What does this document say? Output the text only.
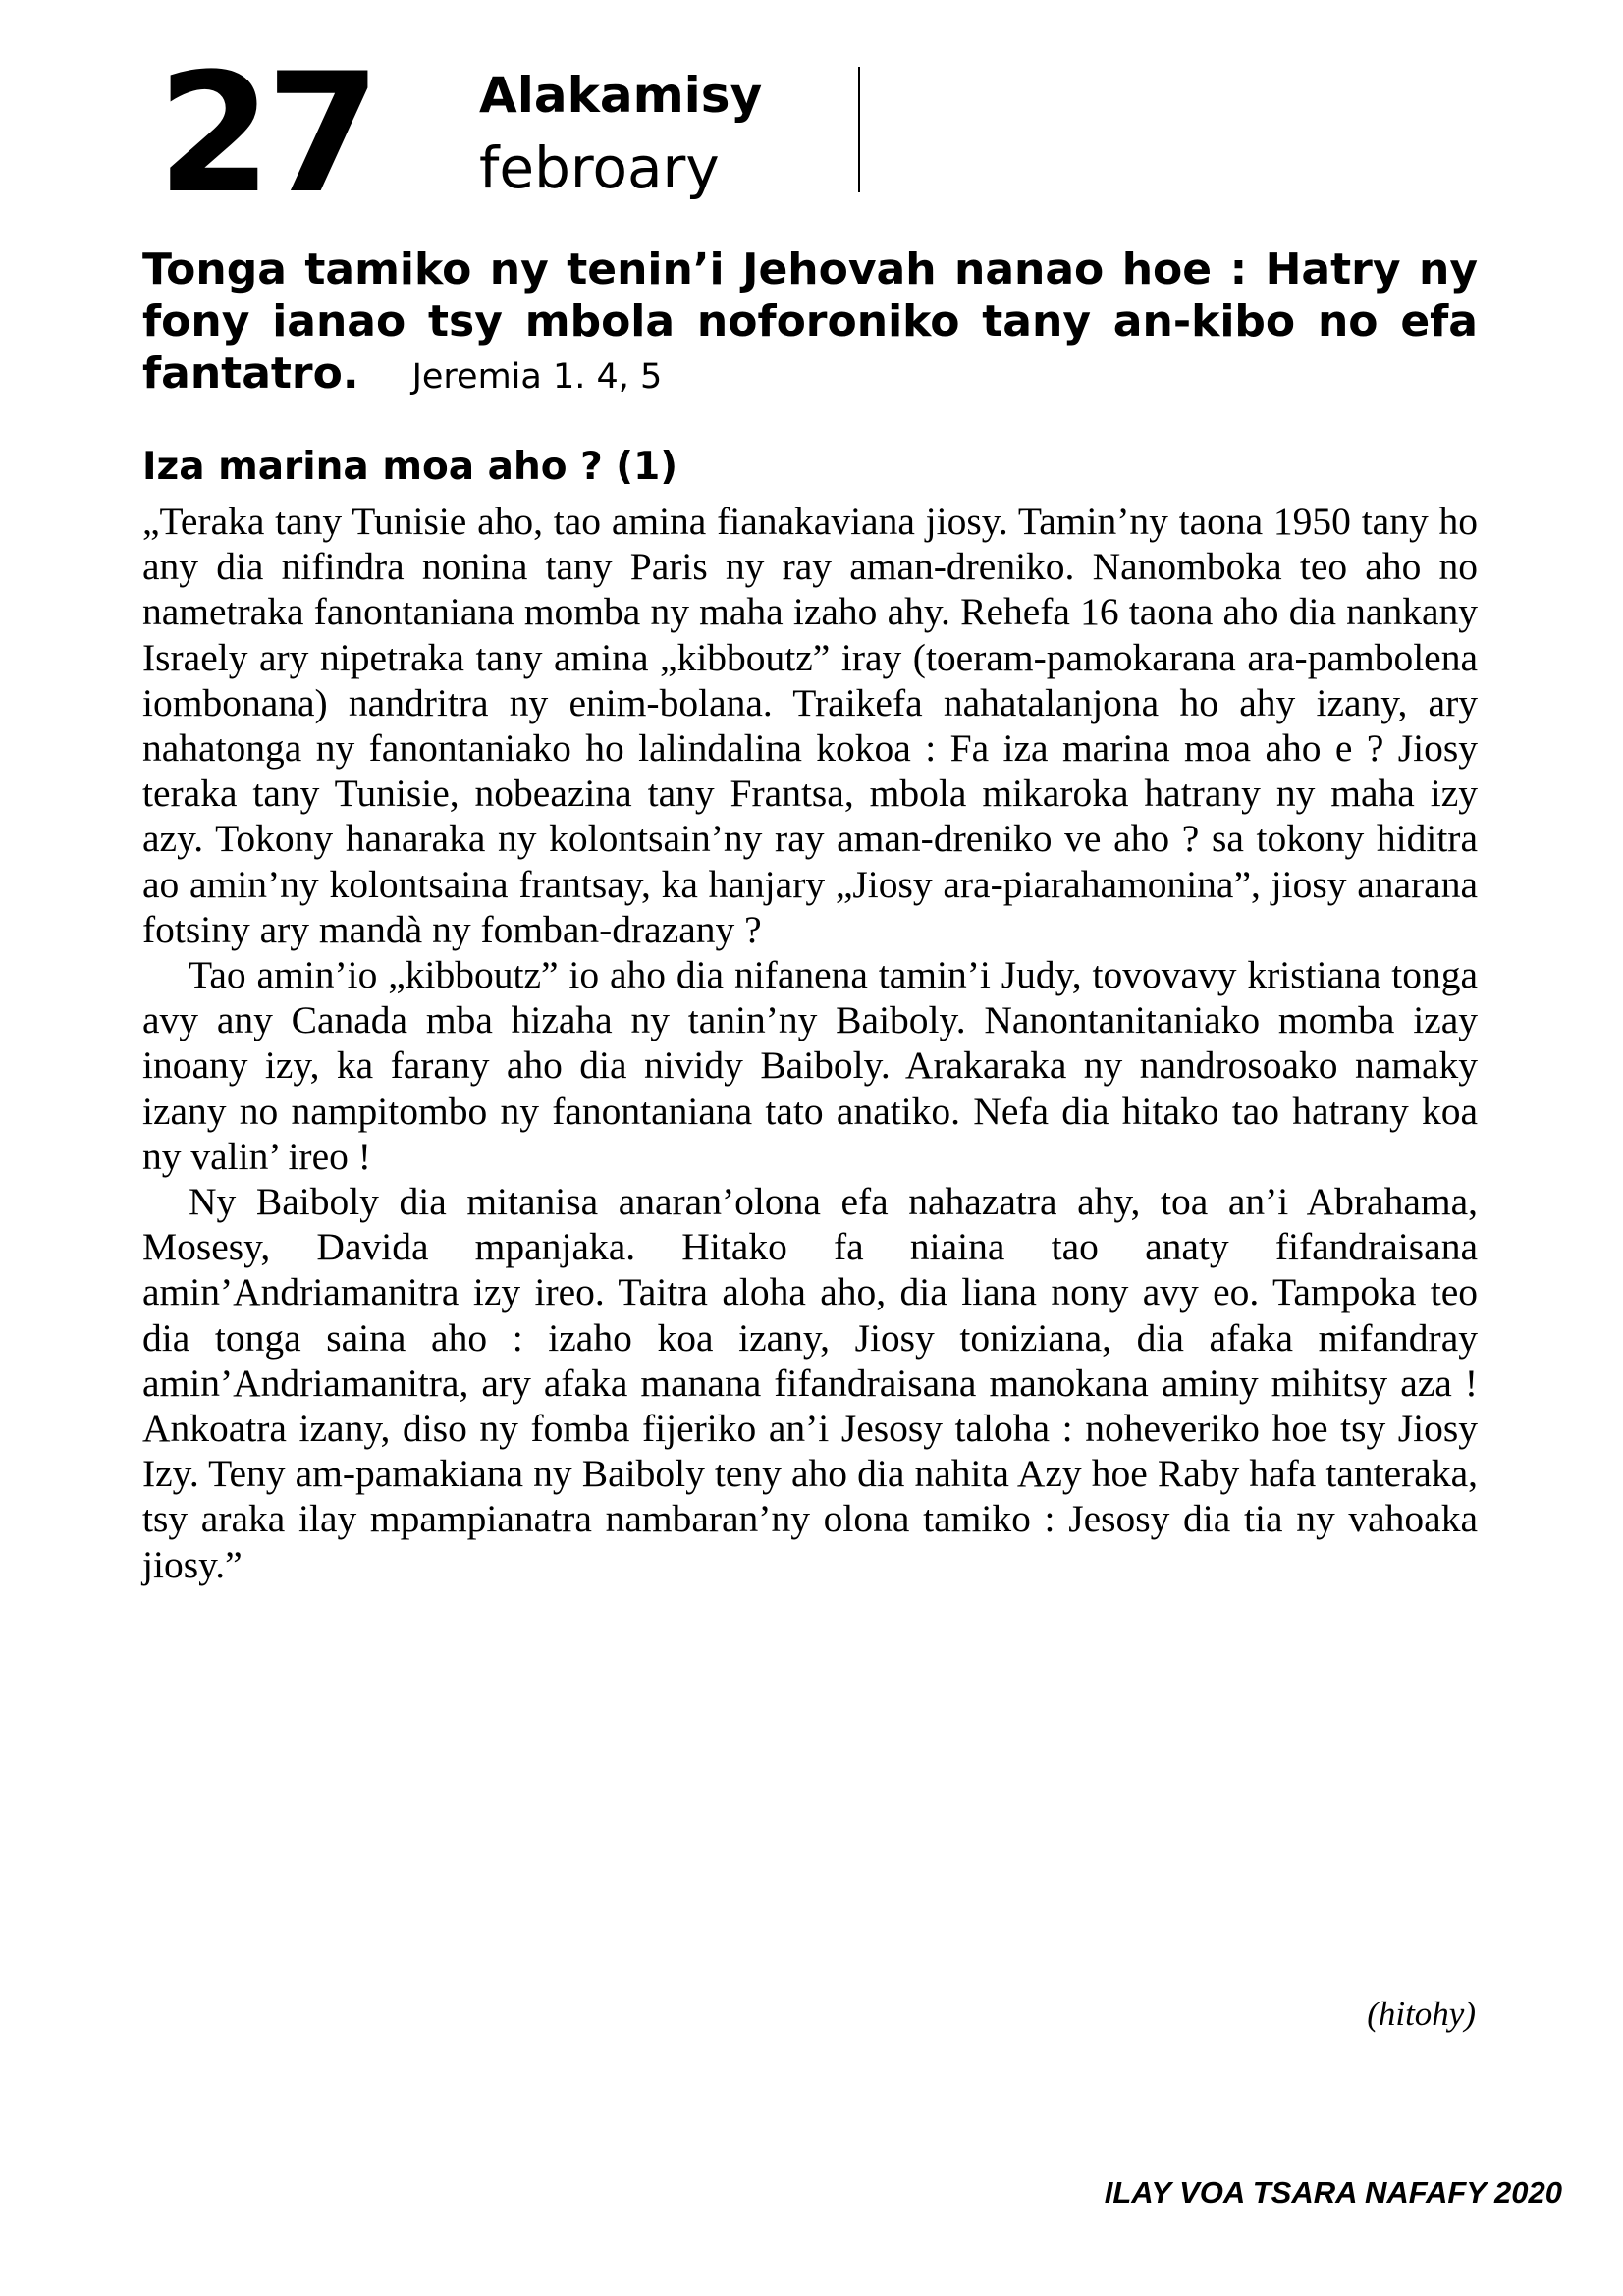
27 Alakamisy
febroary
Tonga tamiko ny tenin’i Jehovah nanao hoe : Hatry ny fony ianao tsy mbola noforoniko tany an-kibo no efa fantatro. Jeremia 1. 4, 5
Iza marina moa aho ? (1)

„Teraka tany Tunisie aho, tao amina fianakaviana jiosy. Tamin’ny taona 1950 tany ho any dia nifindra nonina tany Paris ny ray aman-dreniko. Nanomboka teo aho no nametraka fanontaniana momba ny maha izaho ahy. Rehefa 16 taona aho dia nankany Israely ary nipetraka tany amina „kibboutz” iray (toeram-pamokarana ara-pambolena iombonana) nandritra ny enim-bolana. Traikefa nahatalanjona ho ahy izany, ary nahatonga ny fanontaniako ho lalindalina kokoa : Fa iza marina moa aho e ? Jiosy teraka tany Tunisie, nobeazina tany Frantsa, mbola mikaroka hatrany ny maha izy azy. Tokony hanaraka ny kolontsain’ny ray aman-dreniko ve aho ? sa tokony hiditra ao amin’ny kolontsaina frantsay, ka hanjary „Jiosy ara-piarahamonina”, jiosy anarana fotsiny ary mandà ny fomban-drazany ?

Tao amin’io „kibboutz” io aho dia nifanena tamin’i Judy, tovovavy kristiana tonga avy any Canada mba hizaha ny tanin’ny Baiboly. Nanontanitaniako momba izay inoany izy, ka farany aho dia nividy Baiboly. Arakaraka ny nandrosoako namaky izany no nampitombo ny fanontaniana tato anatiko. Nefa dia hitako tao hatrany koa ny valin’ ireo !

Ny Baiboly dia mitanisa anaran’olona efa nahazatra ahy, toa an’i Abrahama, Mosesy, Davida mpanjaka. Hitako fa niaina tao anaty fifandraisana amin’Andriamanitra izy ireo. Taitra aloha aho, dia liana nony avy eo. Tampoka teo dia tonga saina aho : izaho koa izany, Jiosy toniziana, dia afaka mifandray amin’Andriamanitra, ary afaka manana fifandraisana manokana aminy mihitsy aza ! Ankoatra izany, diso ny fomba fijeriko an’i Jesosy taloha : noheveriko hoe tsy Jiosy Izy. Teny am-pamakiana ny Baiboly teny aho dia nahita Azy hoe Raby hafa tanteraka, tsy araka ilay mpampianatra nambaran’ny olona tamiko : Jesosy dia tia ny vahoaka jiosy.”

(hitohy)
ILAY VOA TSARA NAFAFY 2020
